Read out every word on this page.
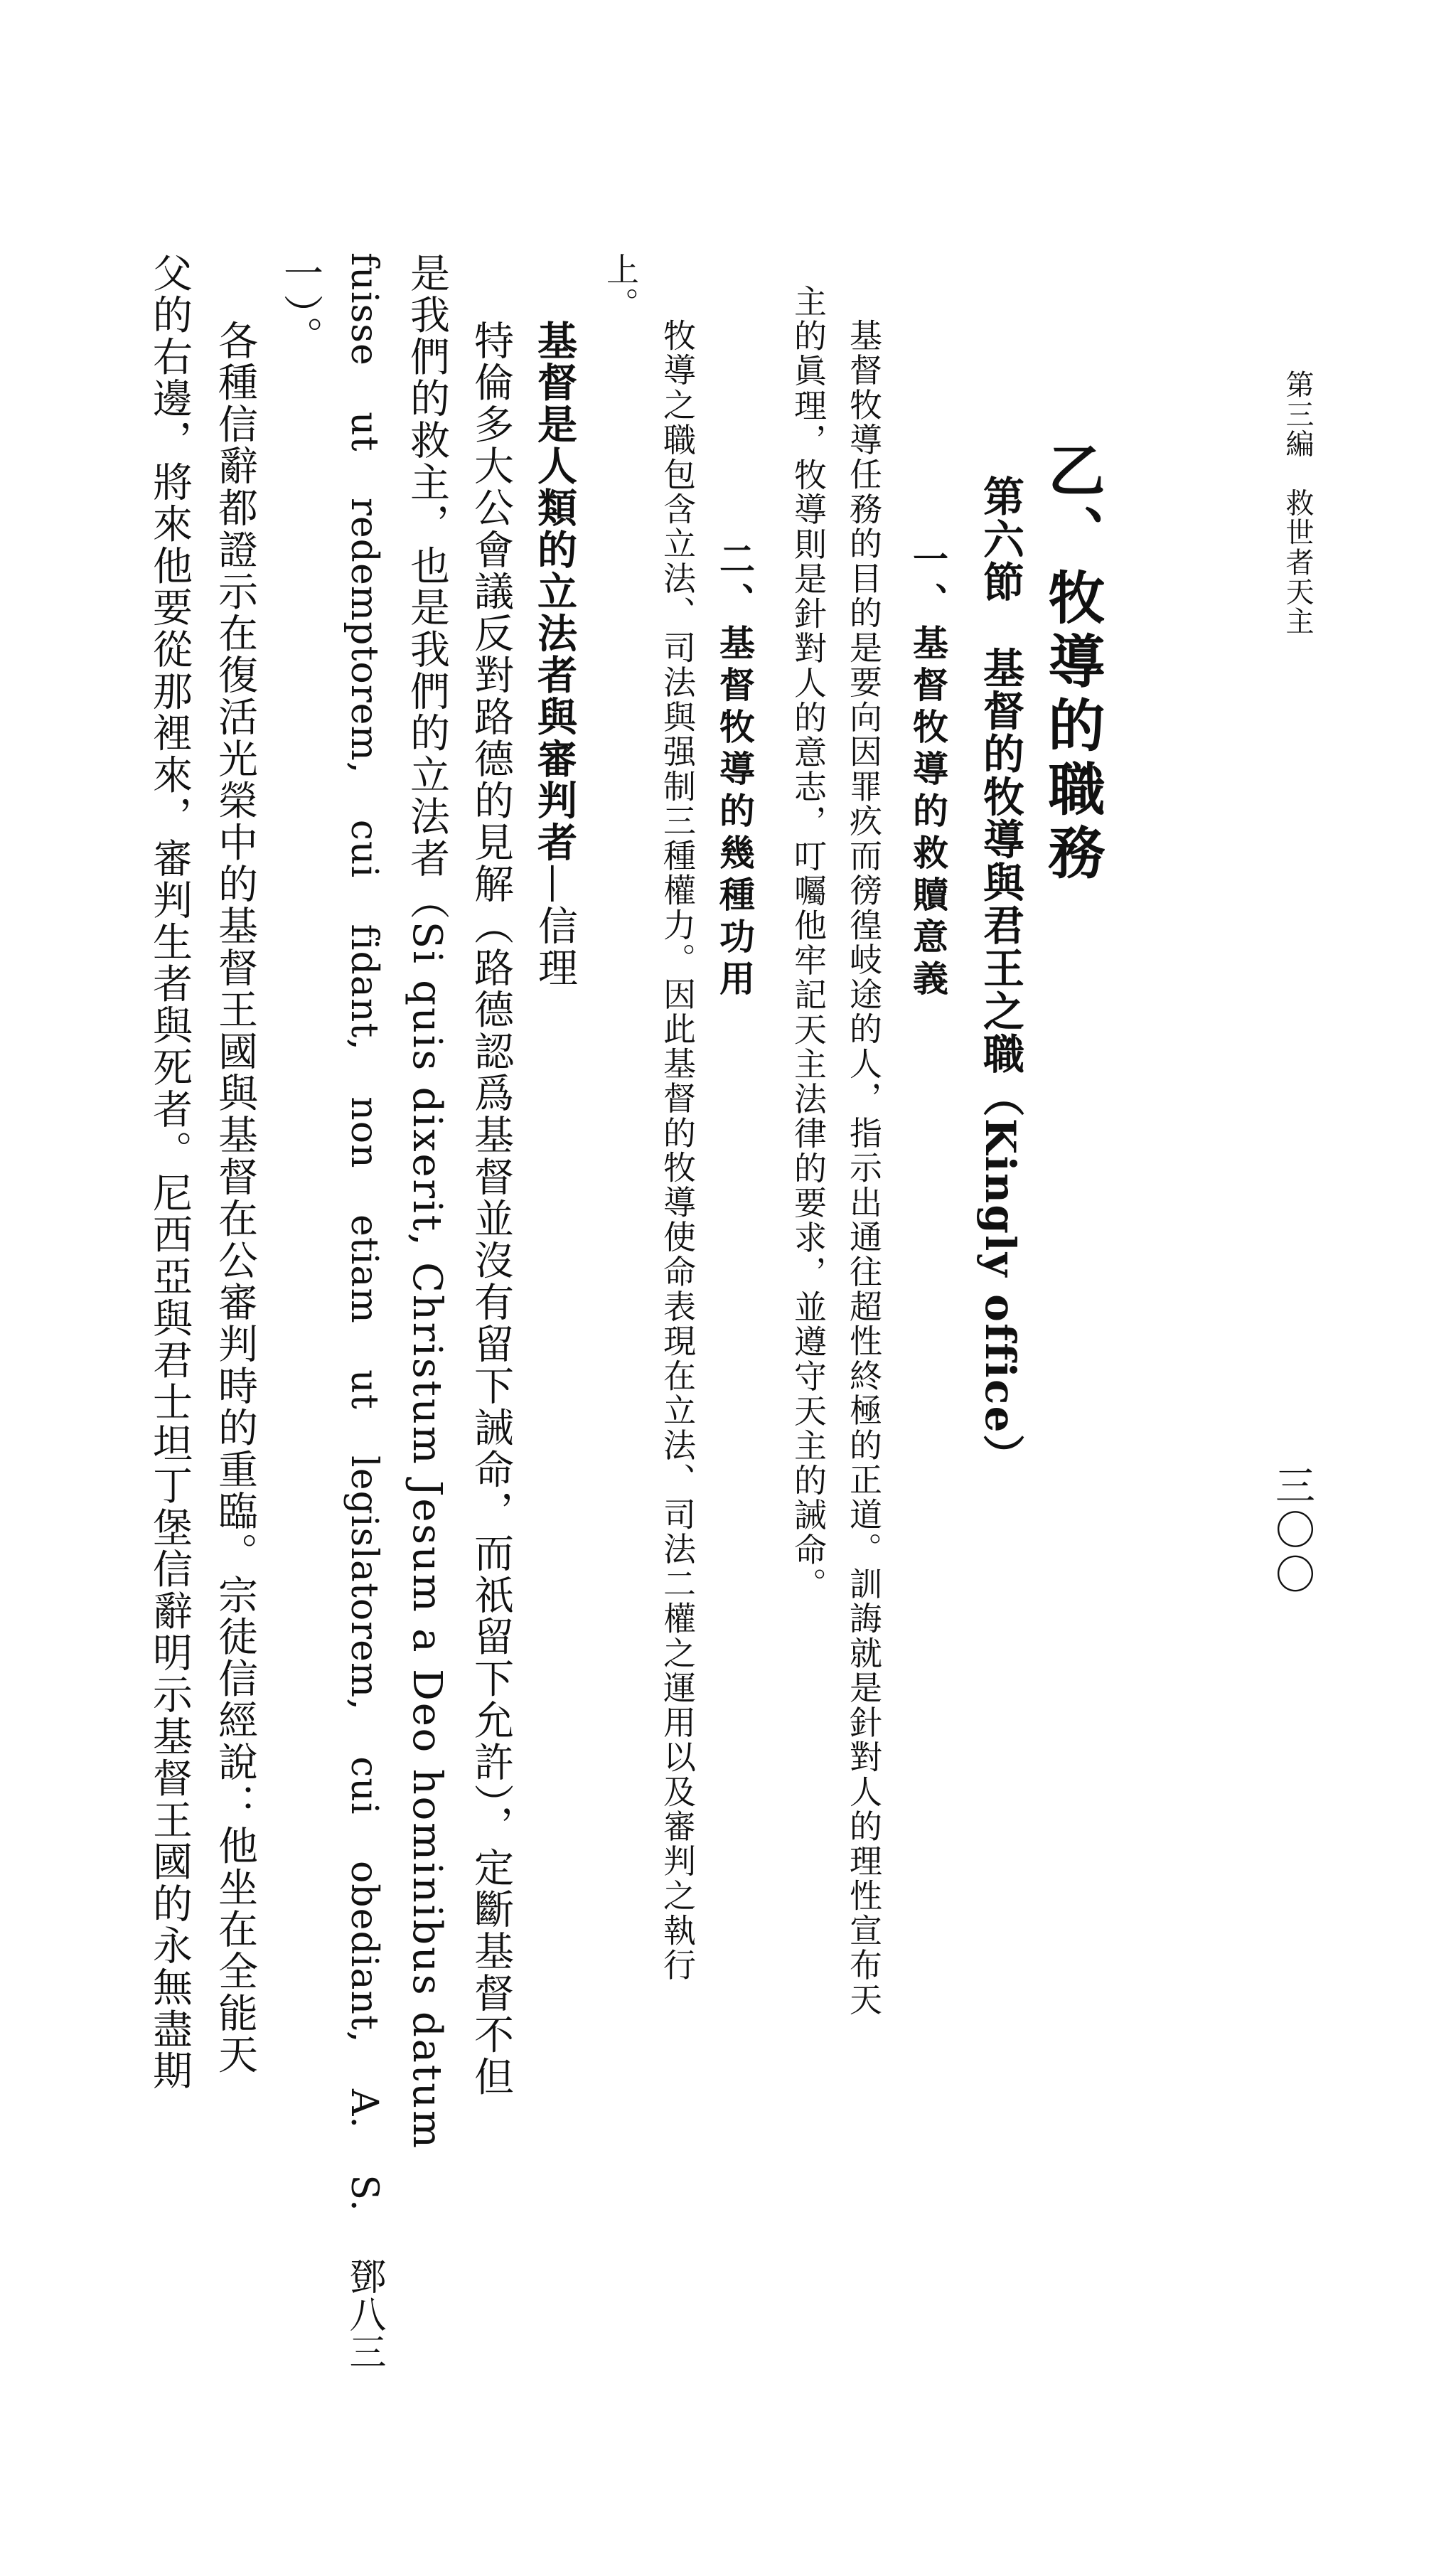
第三編　救世者天主
三〇〇
乙、牧導的職務
第六節　基督的牧導與君王之職（Kingly office）
一、基督牧導的救贖意義
基督牧導任務的目的是要向因罪疚而徬徨岐途的人，指示出通往超性終極的正道。訓誨就是針對人的理性宣布天
主的眞理，牧導則是針對人的意志，叮囑他牢記天主法律的要求，並遵守天主的誡命。
二、基督牧導的幾種功用
牧導之職包含立法、司法與强制三種權力。因此基督的牧導使命表現在立法、司法二權之運用以及審判之執行
上。
基督是人類的立法者與審判者—信理
特倫多大公會議反對路德的見解（路德認爲基督並沒有留下誡命，而祇留下允許），定斷基督不但
是我們的救主，也是我們的立法者（Si quis dixerit, Christum Jesum a Deo hominibus datum
fuisse ut redemptorem, cui fidant, non etiam ut legislatorem, cui obediant, A. S. 鄧八三
一）。
各種信辭都證示在復活光榮中的基督王國與基督在公審判時的重臨。宗徒信經說：他坐在全能天
父的右邊，將來他要從那裡來，審判生者與死者。尼西亞與君士坦丁堡信辭明示基督王國的永無盡期
